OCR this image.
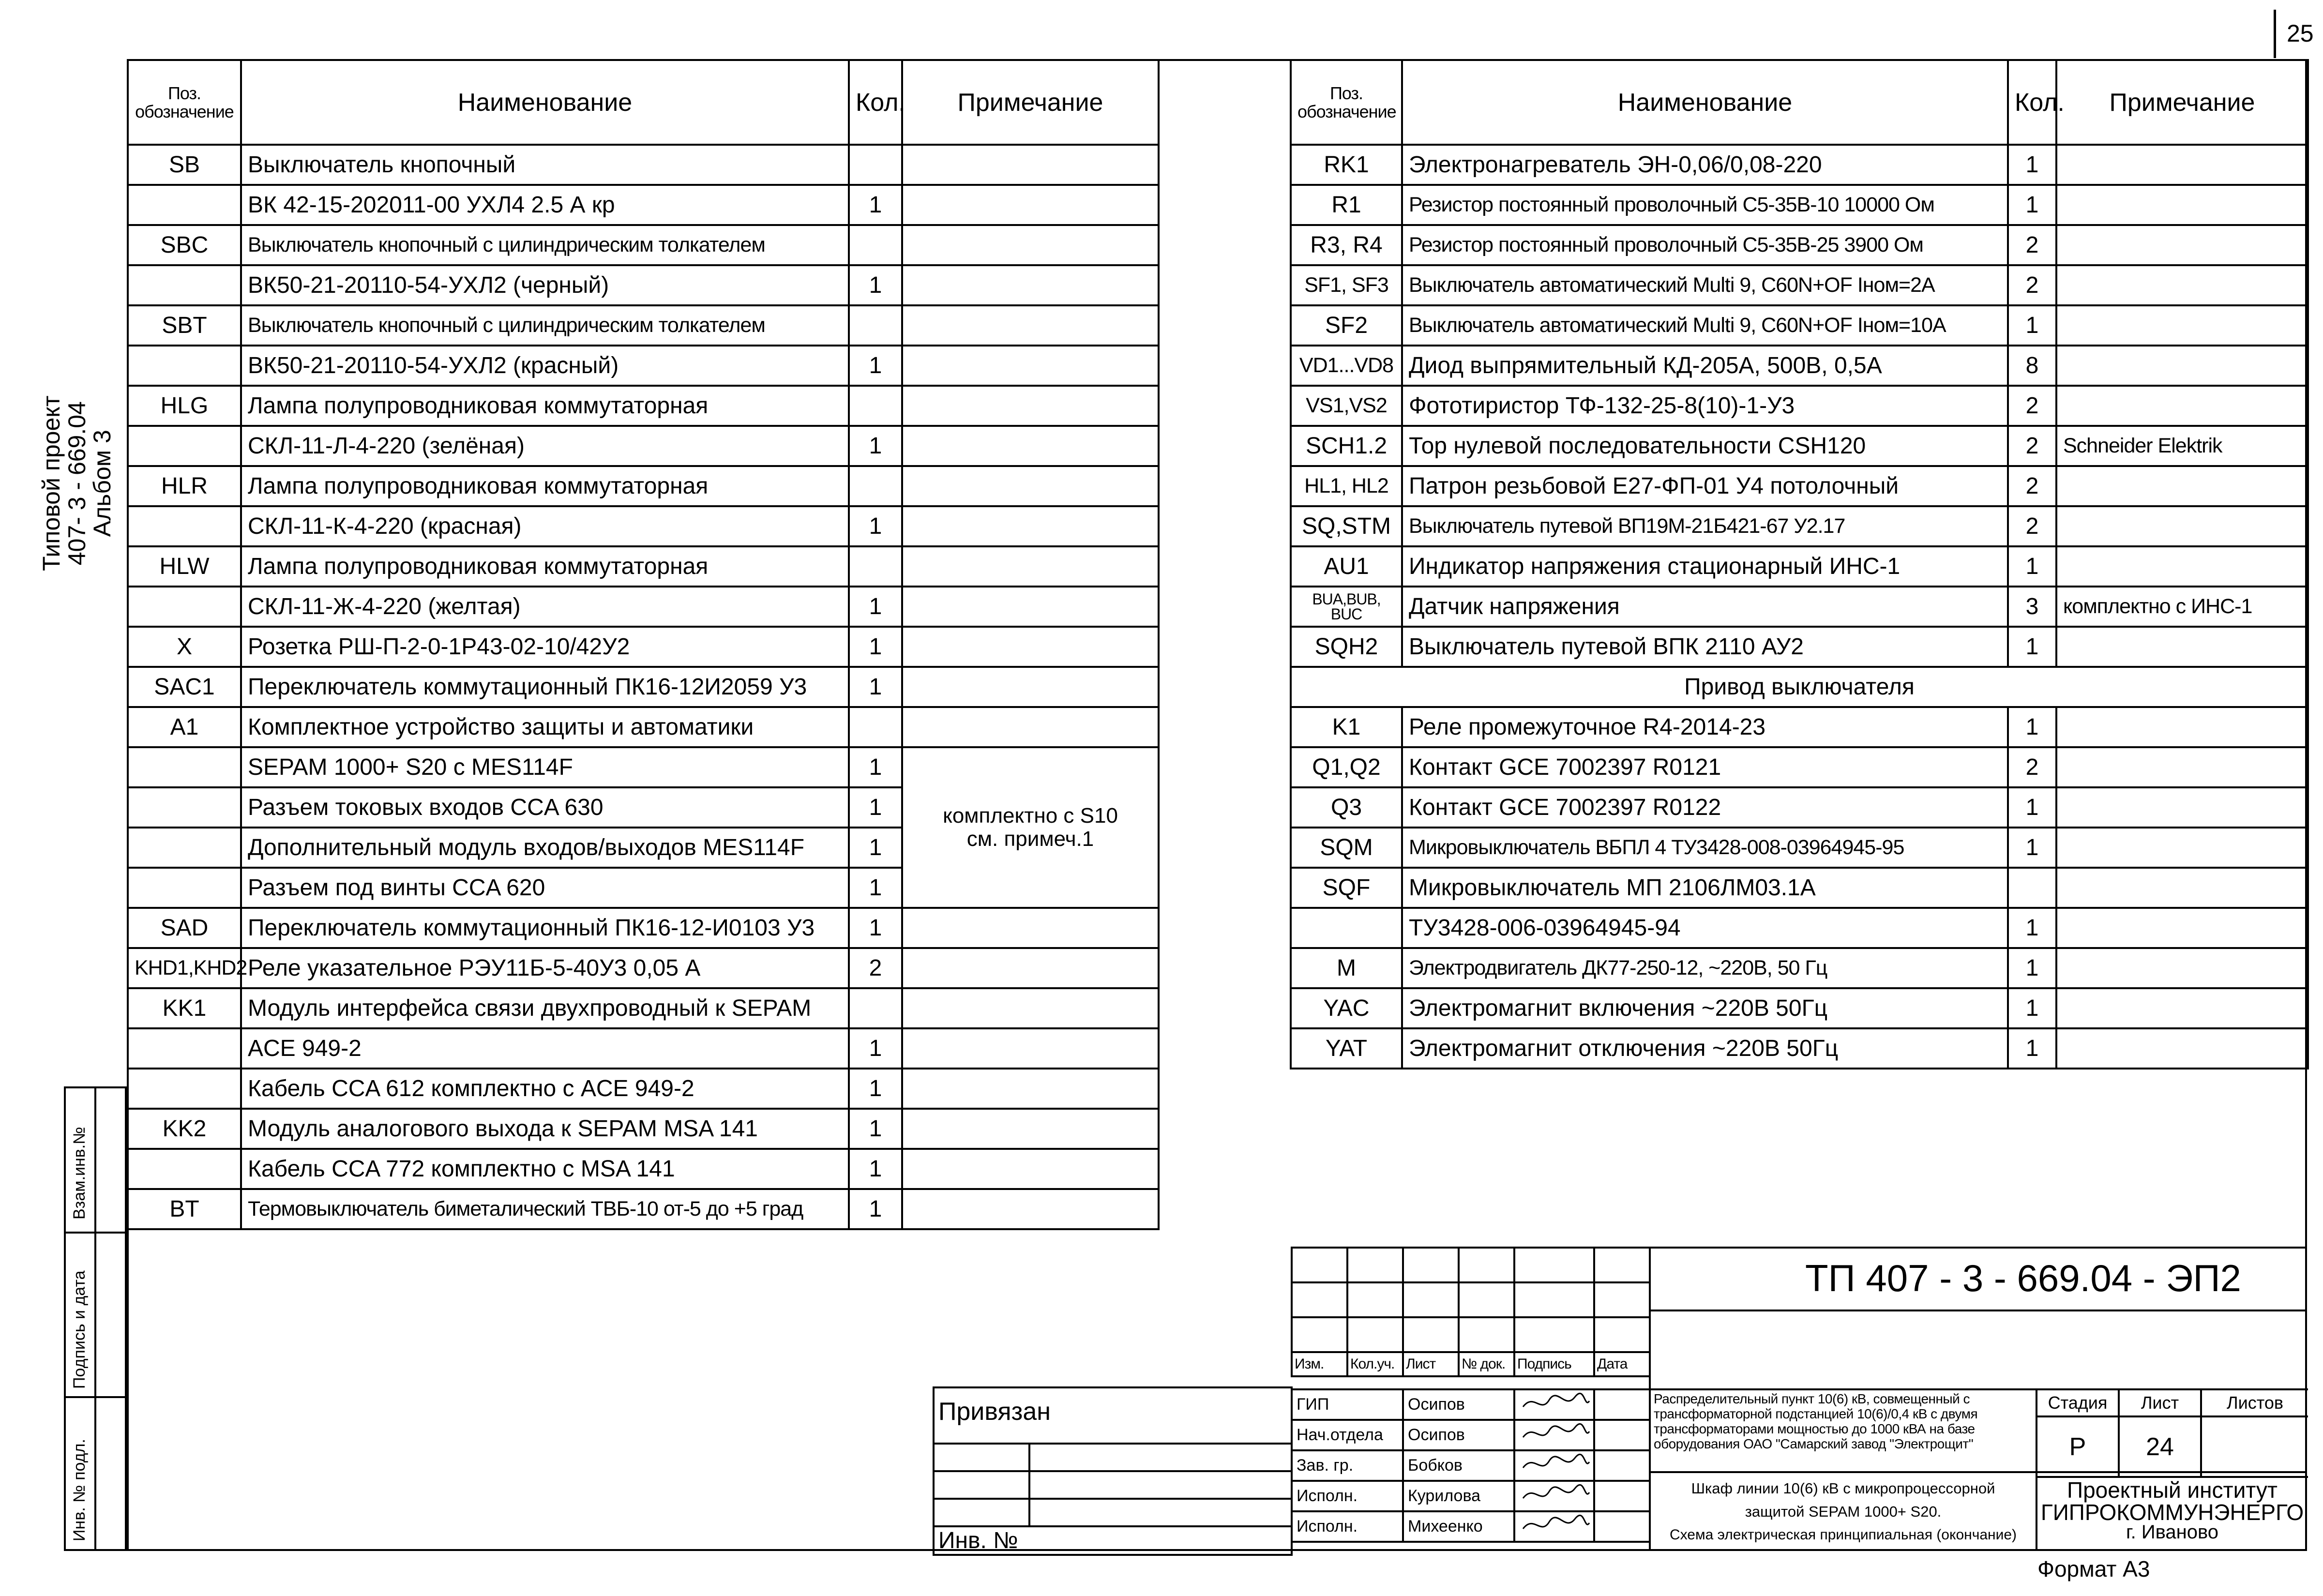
25
Типовой проект
407- 3 - 669.04
Альбом 3
Взам.инв.№
Подпись и дата
Инв. № подл.
Поз. обозначение	Наименование	Кол.	Примечание
SB	Выключатель кнопочный		
	ВК 42-15-202011-00 УХЛ4 2.5 А кр	1	
SBC	Выключатель кнопочный с цилиндрическим толкателем		
	ВК50-21-20110-54-УХЛ2 (черный)	1	
SBT	Выключатель кнопочный с цилиндрическим толкателем		
	ВК50-21-20110-54-УХЛ2 (красный)	1	
HLG	Лампа полупроводниковая коммутаторная		
	СКЛ-11-Л-4-220 (зелёная)	1	
HLR	Лампа полупроводниковая коммутаторная		
	СКЛ-11-К-4-220 (красная)	1	
HLW	Лампа полупроводниковая коммутаторная		
	СКЛ-11-Ж-4-220 (желтая)	1	
X	Розетка РШ-П-2-0-1Р43-02-10/42У2	1	
SAC1	Переключатель коммутационный ПК16-12И2059 У3	1	
A1	Комплектное устройство защиты и автоматики		
	SEPAM 1000+ S20 с MES114F	1	комплектно с S10
см. примеч.1

	Разъем токовых входов CCA 630	1	
	Дополнительный модуль входов/выходов MES114F	1	
	Разъем под винты CCA 620	1	
SAD	Переключатель коммутационный ПК16-12-И0103 У3	1	
KHD1,KHD2	Реле указательное РЭУ11Б-5-40У3 0,05 А	2	
KK1	Модуль интерфейса связи двухпроводный к SEPAM		
	ACE 949-2	1	
	Кабель CCA 612 комплектно с ACE 949-2	1	
KK2	Модуль аналогового выхода к SEPAM MSA 141	1	
	Кабель CCA 772 комплектно с MSA 141	1	
BT	Термовыключатель биметалический ТВБ-10 от-5 до +5 град	1	
Поз. обозначение	Наименование	Кол.	Примечание
RK1	Электронагреватель ЭН-0,06/0,08-220	1	
R1	Резистор постоянный проволочный С5-35В-10 10000 Ом	1	
R3, R4	Резистор постоянный проволочный С5-35В-25 3900 Ом	2	
SF1, SF3	Выключатель автоматический Multi 9, C60N+OF Iном=2А	2	
SF2	Выключатель автоматический Multi 9, C60N+OF Iном=10А	1	
VD1...VD8	Диод выпрямительный КД-205А, 500В, 0,5А	8	
VS1,VS2	Фототиристор ТФ-132-25-8(10)-1-У3	2	
SCH1.2	Тор нулевой последовательности CSH120	2	Schneider Elektrik
HL1, HL2	Патрон резьбовой Е27-ФП-01 У4 потолочный	2	
SQ,STM	Выключатель путевой ВП19М-21Б421-67 У2.17	2	
AU1	Индикатор напряжения стационарный ИНС-1	1	
BUA,BUB, BUC	Датчик напряжения	3	комплектно с ИНС-1
SQH2	Выключатель путевой ВПК 2110 АУ2	1	
Привод выключателя			
K1	Реле промежуточное R4-2014-23	1	
Q1,Q2	Контакт GCE 7002397 R0121	2	
Q3	Контакт GCE 7002397 R0122	1	
SQM	Микровыключатель ВБПЛ 4 ТУ3428-008-03964945-95	1	
SQF	Микровыключатель МП 2106ЛМ03.1А		
	ТУ3428-006-03964945-94	1	
M	Электродвигатель ДК77-250-12, ~220В, 50 Гц	1	
YAC	Электромагнит включения ~220В 50Гц	1	
YAT	Электромагнит отключения ~220В 50Гц	1	
Привязан	

Инв. №	

Изм.	Кол.уч.	Лист	№ док.	Подпись	Дата
ГИП	Осипов		
Нач.отдела	Осипов		
Зав. гр.	Бобков		
Исполн.	Курилова		
Исполн.	Михеенко		
ТП 407 - 3 - 669.04 - ЭП2
Распределительный пункт 10(6) кВ, совмещенный с трансформаторной подстанцией 10(6)/0,4 кВ с двумя трансформаторами мощностью до 1000 кВА на базе оборудования ОАО "Самарский завод "Электрощит"
Шкаф линии 10(6) кВ с микропроцессорной
защитой SEPAM 1000+ S20.
Схема электрическая принципиальная (окончание)
Стадия	Лист	Листов
Р	24	
Проектный институт
ГИПРОКОММУНЭНЕРГО
г. Иваново
Формат А3
